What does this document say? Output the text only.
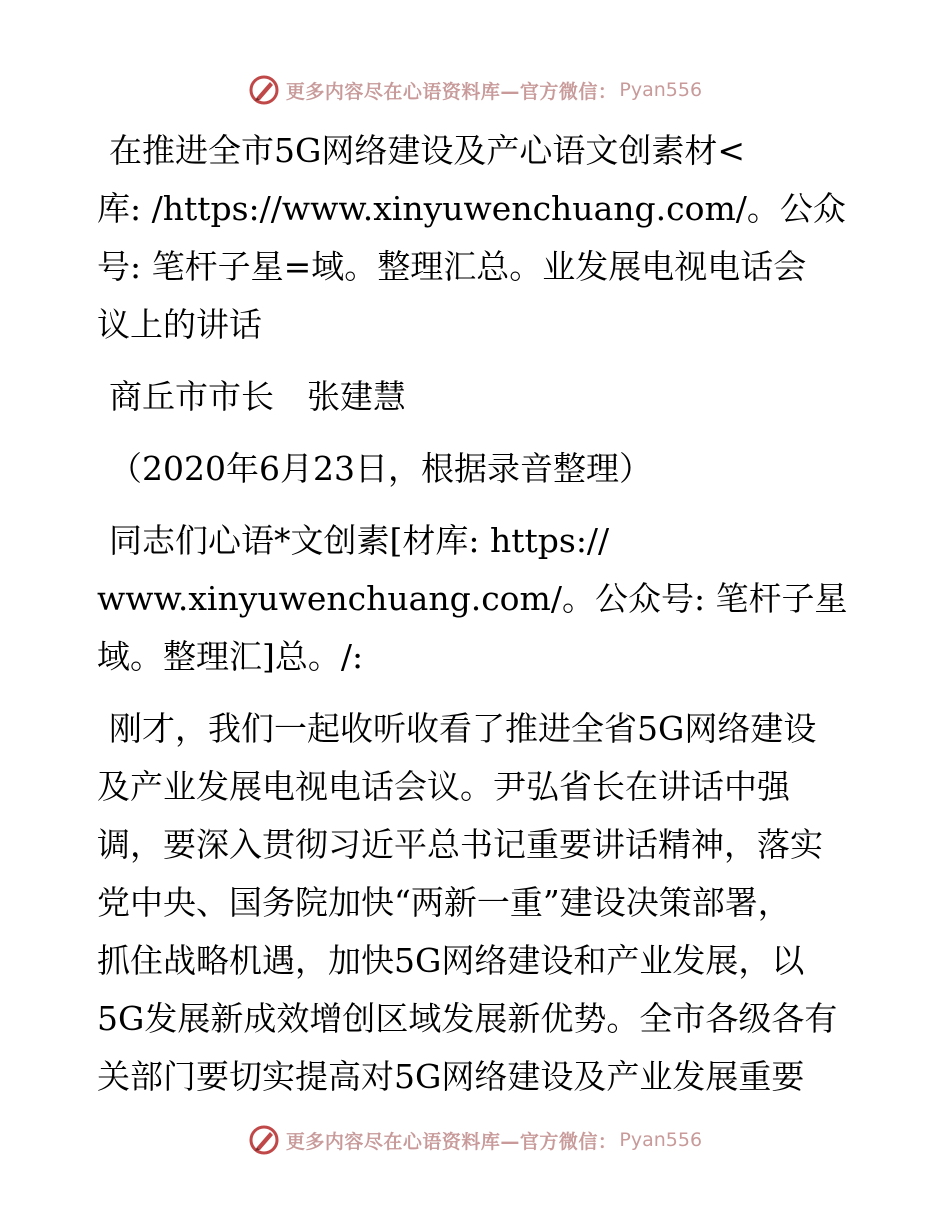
更多内容尽在心语资料库—官方微信： Pyan556

在推进全市5G网络建设及产心语文创素材<
库: /https://www.xinyuwenchuang.com/。公众
号: 笔杆子星=域。整理汇总。业发展电视电话会
议上的讲话

商丘市市长　张建慧

（2020年6月23日，根据录音整理）

同志们心语*文创素[材库: https://
www.xinyuwenchuang.com/。公众号: 笔杆子星
域。整理汇]总。/:

刚才，我们一起收听收看了推进全省5G网络建设
及产业发展电视电话会议。尹弘省长在讲话中强
调，要深入贯彻习近平总书记重要讲话精神，落实
党中央、国务院加快“两新一重”建设决策部署，
抓住战略机遇，加快5G网络建设和产业发展，以
5G发展新成效增创区域发展新优势。全市各级各有
关部门要切实提高对5G网络建设及产业发展重要

更多内容尽在心语资料库—官方微信： Pyan556
